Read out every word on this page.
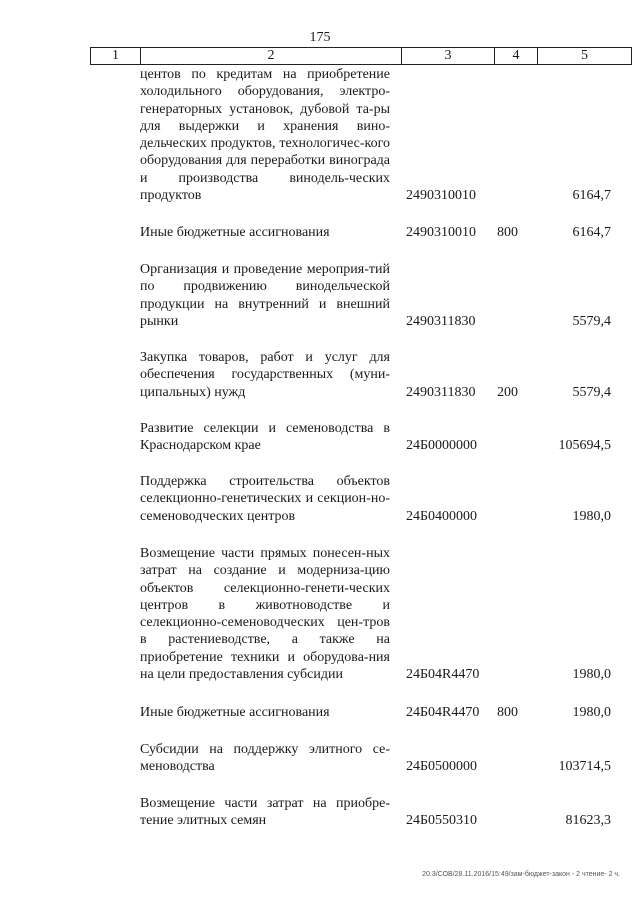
175
1	2	3	4	5
центов по кредитам на приобретение холодильного оборудования, электро-генераторных установок, дубовой та-ры для выдержки и хранения вино-дельческих продуктов, технологичес-кого оборудования для переработки винограда и производства винодель-ческих продуктов	2490310010	6164,7
Иные бюджетные ассигнования	2490310010	800	6164,7
Организация и проведение мероприя-тий по продвижению винодельческой продукции на внутренний и внешний рынки	2490311830	5579,4
Закупка товаров, работ и услуг для обеспечения государственных (муни-ципальных) нужд	2490311830	200	5579,4
Развитие селекции и семеноводства в Краснодарском крае	24Б0000000	105694,5
Поддержка строительства объектов селекционно-генетических и секцион-но-семеноводческих центров	24Б0400000	1980,0
Возмещение части прямых понесен-ных затрат на создание и модерниза-цию объектов селекционно-генети-ческих центров в животноводстве и селекционно-семеноводческих цен-тров в растениеводстве, а также на приобретение техники и оборудова-ния на цели предоставления субсидии	24Б04R4470	1980,0
Иные бюджетные ассигнования	24Б04R4470	800	1980,0
Субсидии на поддержку элитного се-меноводства	24Б0500000	103714,5
Возмещение части затрат на приобре-тение элитных семян	24Б0550310	81623,3
20.3/СОВ/28.11.2016/15:49/зам-бюджет-закон - 2 чтение- 2 ч.
